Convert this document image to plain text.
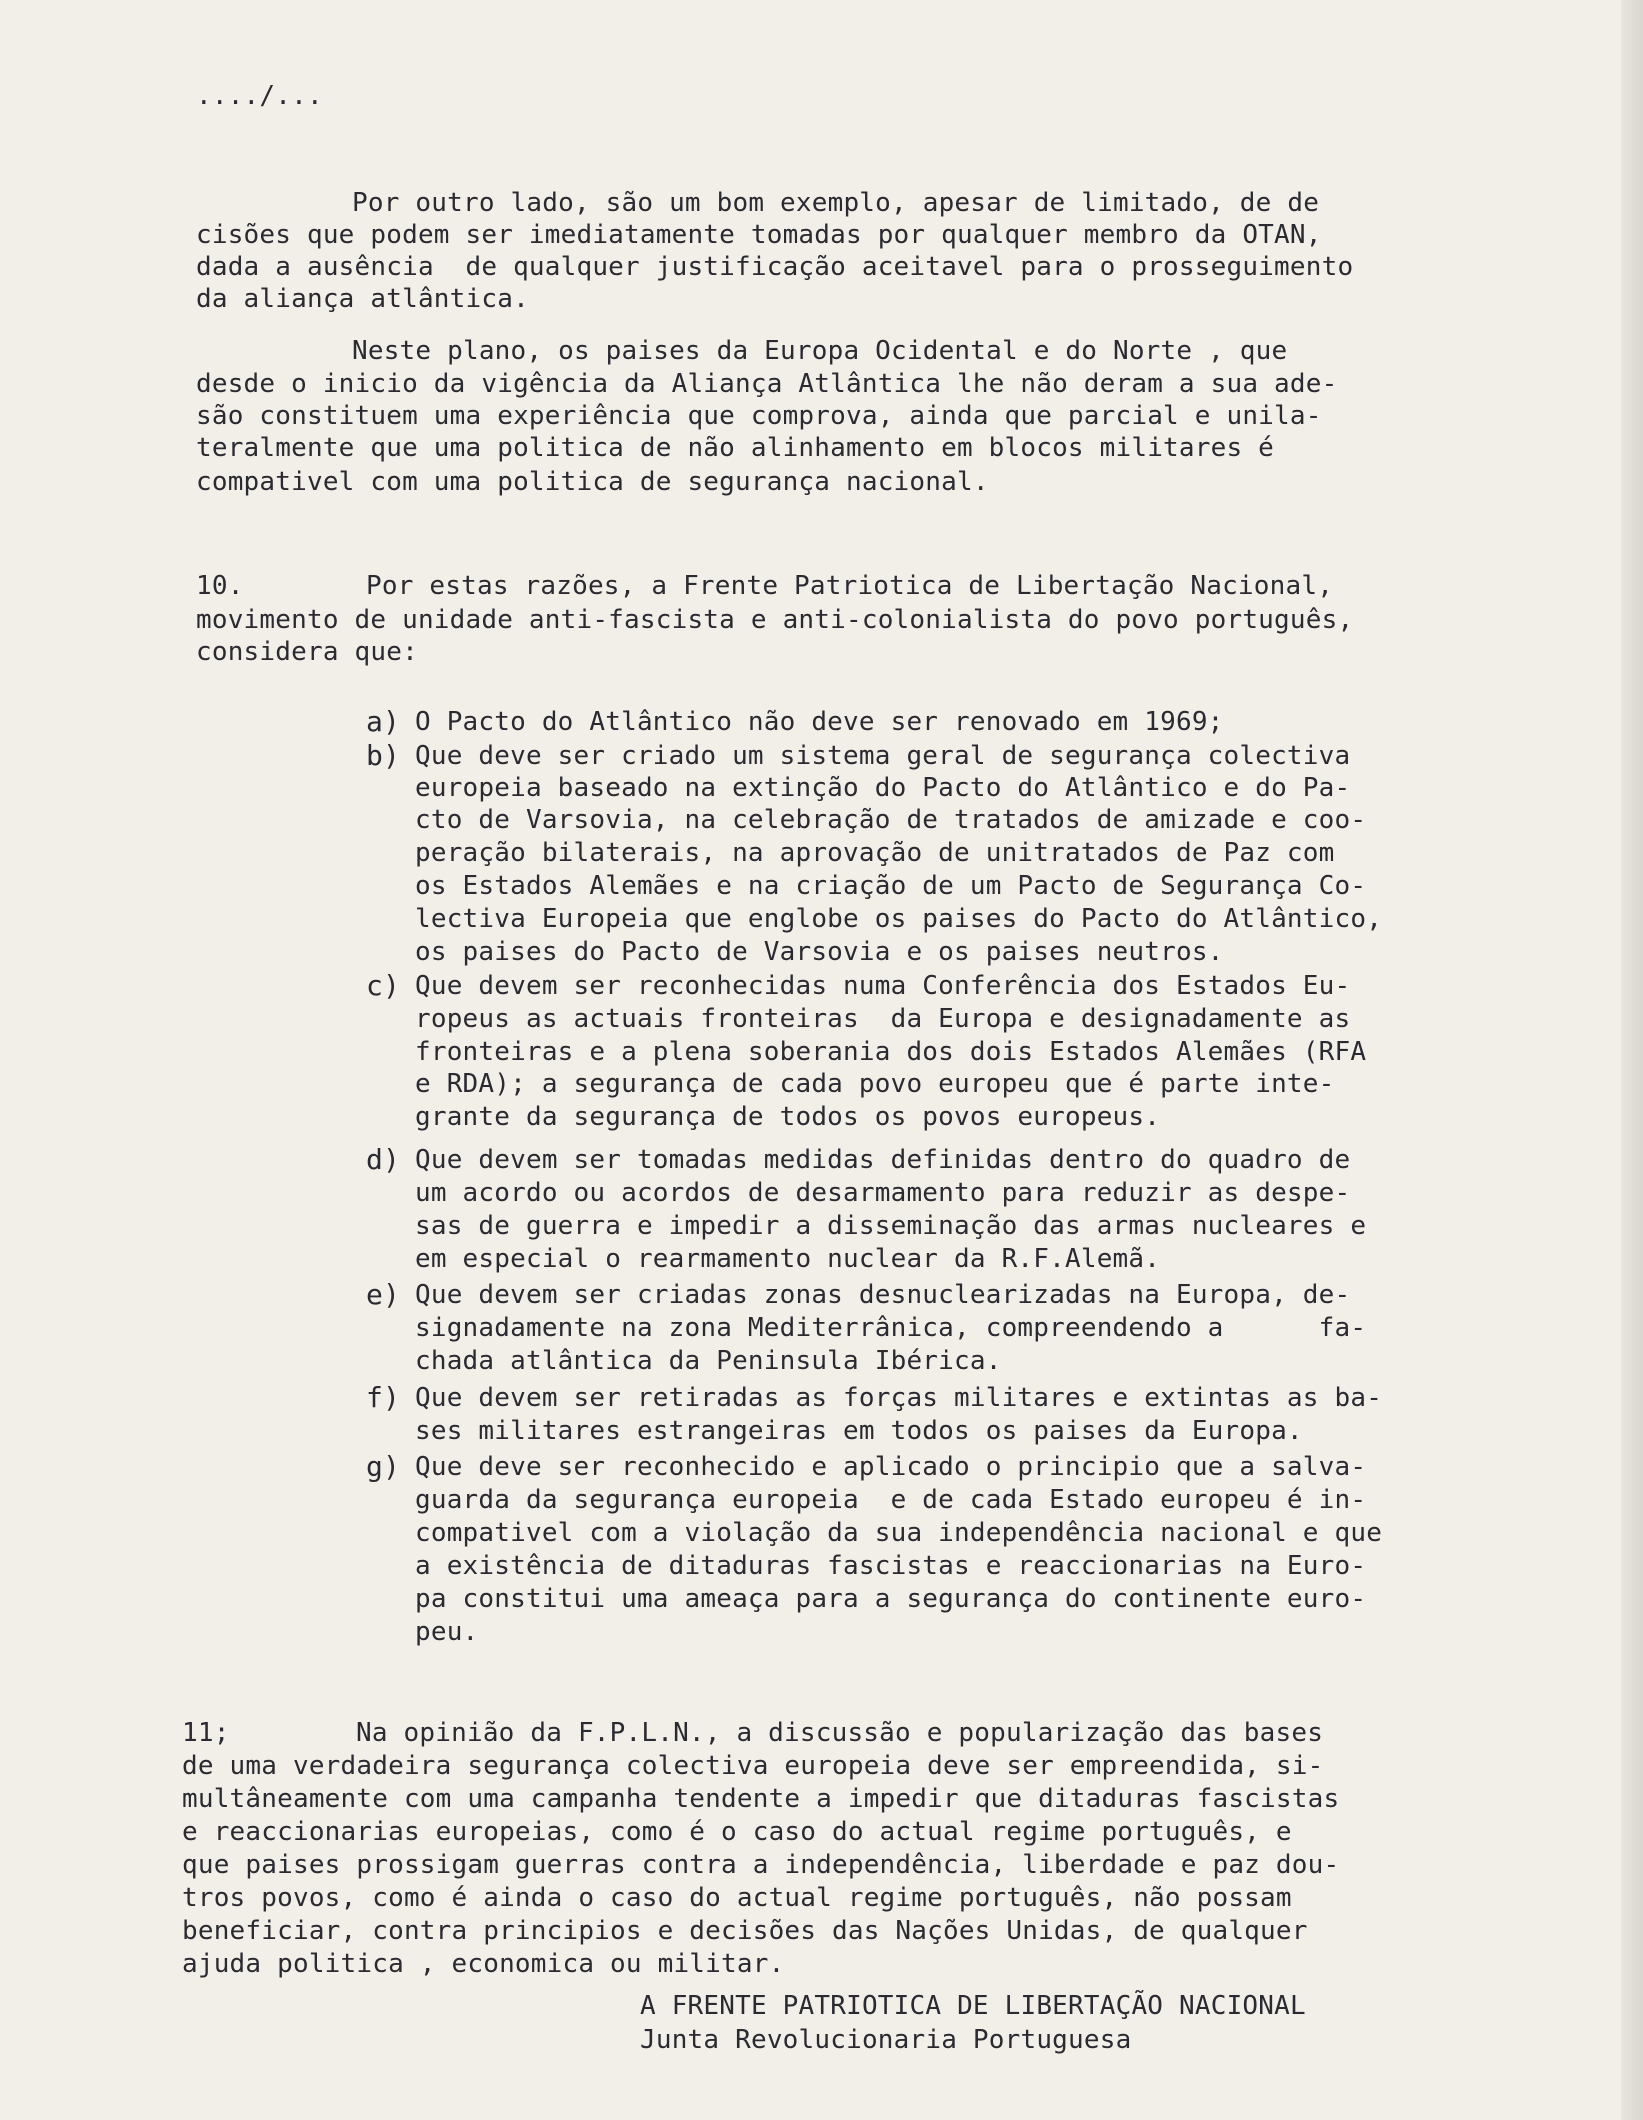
..../...
Por outro lado, são um bom exemplo, apesar de limitado, de de
cisões que podem ser imediatamente tomadas por qualquer membro da OTAN,
dada a ausência  de qualquer justificação aceitavel para o prosseguimento
da aliança atlântica.
Neste plano, os paises da Europa Ocidental e do Norte , que
desde o inicio da vigência da Aliança Atlântica lhe não deram a sua ade-
são constituem uma experiência que comprova, ainda que parcial e unila-
teralmente que uma politica de não alinhamento em blocos militares é
compativel com uma politica de segurança nacional.
10.	Por estas razões, a Frente Patriotica de Libertação Nacional,
movimento de unidade anti-fascista e anti-colonialista do povo português,
considera que:
a) O Pacto do Atlântico não deve ser renovado em 1969;
b) Que deve ser criado um sistema geral de segurança colectiva
europeia baseado na extinção do Pacto do Atlântico e do Pa-
cto de Varsovia, na celebração de tratados de amizade e coo-
peração bilaterais, na aprovação de unitratados de Paz com
os Estados Alemães e na criação de um Pacto de Segurança Co-
lectiva Europeia que englobe os paises do Pacto do Atlântico,
os paises do Pacto de Varsovia e os paises neutros.
c) Que devem ser reconhecidas numa Conferência dos Estados Eu-
ropeus as actuais fronteiras  da Europa e designadamente as
fronteiras e a plena soberania dos dois Estados Alemães (RFA
e RDA); a segurança de cada povo europeu que é parte inte-
grante da segurança de todos os povos europeus.
d) Que devem ser tomadas medidas definidas dentro do quadro de
um acordo ou acordos de desarmamento para reduzir as despe-
sas de guerra e impedir a disseminação das armas nucleares e
em especial o rearmamento nuclear da R.F.Alemã.
e) Que devem ser criadas zonas desnuclearizadas na Europa, de-
signadamente na zona Mediterrânica, compreendendo a      fa-
chada atlântica da Peninsula Ibérica.
f) Que devem ser retiradas as forças militares e extintas as ba-
ses militares estrangeiras em todos os paises da Europa.
g) Que deve ser reconhecido e aplicado o principio que a salva-
guarda da segurança europeia  e de cada Estado europeu é in-
compativel com a violação da sua independência nacional e que
a existência de ditaduras fascistas e reaccionarias na Euro-
pa constitui uma ameaça para a segurança do continente euro-
peu.
11;	Na opinião da F.P.L.N., a discussão e popularização das bases
de uma verdadeira segurança colectiva europeia deve ser empreendida, si-
multâneamente com uma campanha tendente a impedir que ditaduras fascistas
e reaccionarias europeias, como é o caso do actual regime português, e
que paises prossigam guerras contra a independência, liberdade e paz dou-
tros povos, como é ainda o caso do actual regime português, não possam
beneficiar, contra principios e decisões das Nações Unidas, de qualquer
ajuda politica , economica ou militar.
A FRENTE PATRIOTICA DE LIBERTAÇÃO NACIONAL
Junta Revolucionaria Portuguesa
